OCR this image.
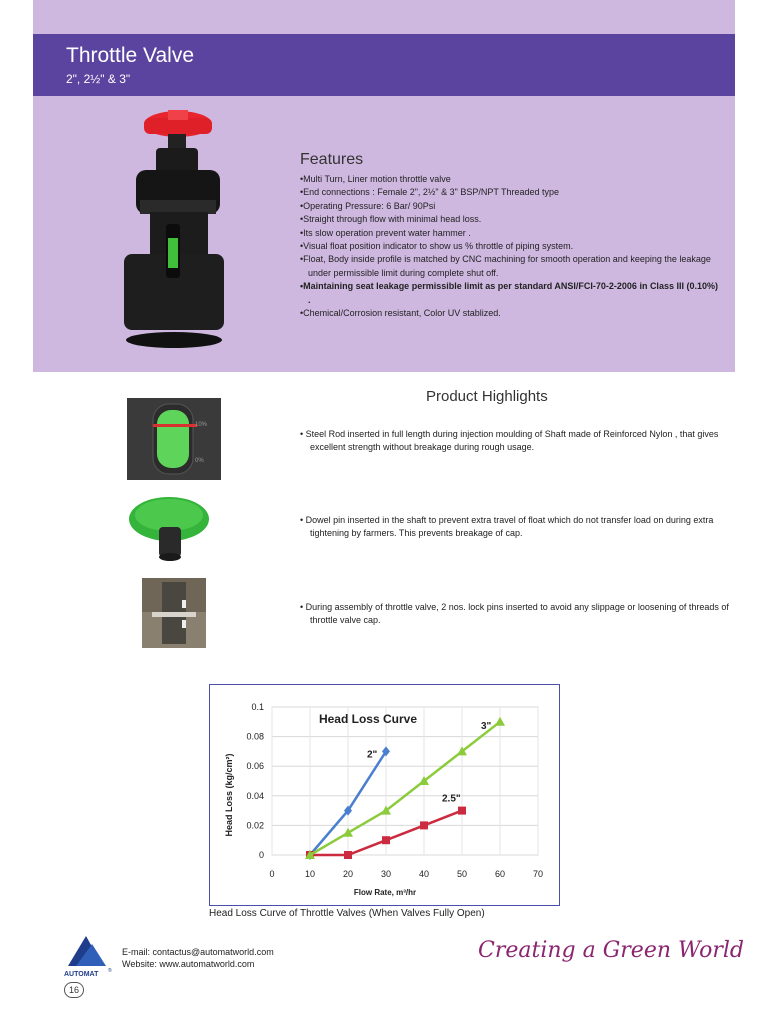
Throttle Valve
2", 2½" & 3"
Features
• Multi Turn, Liner motion throttle valve
• End connections : Female 2", 2½" & 3" BSP/NPT Threaded type
• Operating Pressure: 6 Bar/ 90Psi
• Straight through flow with minimal head loss.
• Its slow operation prevent water hammer .
• Visual float position indicator to show us % throttle of piping system.
• Float, Body inside profile is matched by CNC machining for smooth operation and keeping the leakage under permissible limit during complete shut off.
• Maintaining seat leakage permissible limit as per standard ANSI/FCI-70-2-2006 in Class III (0.10%) .
• Chemical/Corrosion resistant, Color UV stablized.
Product Highlights
10%
0%
• Steel Rod inserted in full length during injection moulding of Shaft made of Reinforced Nylon , that gives excellent strength without breakage during rough usage.
• Dowel pin inserted in the shaft to prevent extra travel of float which do not transfer load on during extra tightening by farmers. This prevents breakage of cap.
• During assembly of throttle valve, 2 nos. lock pins inserted to avoid any slippage or loosening of threads of throttle valve cap.
2"
2.5"
3"
0
0.02
0.04
0.06
0.08
0.1
0	10	20	30	40	50	60	70
Head Loss Curve
Flow Rate, m³/hr
Head Loss (kg/cm²)
Head Loss Curve of Throttle Valves (When Valves Fully Open)
AUTOMAT ®
16
E-mail: contactus@automatworld.com
Website: www.automatworld.com
Creating a Green World
